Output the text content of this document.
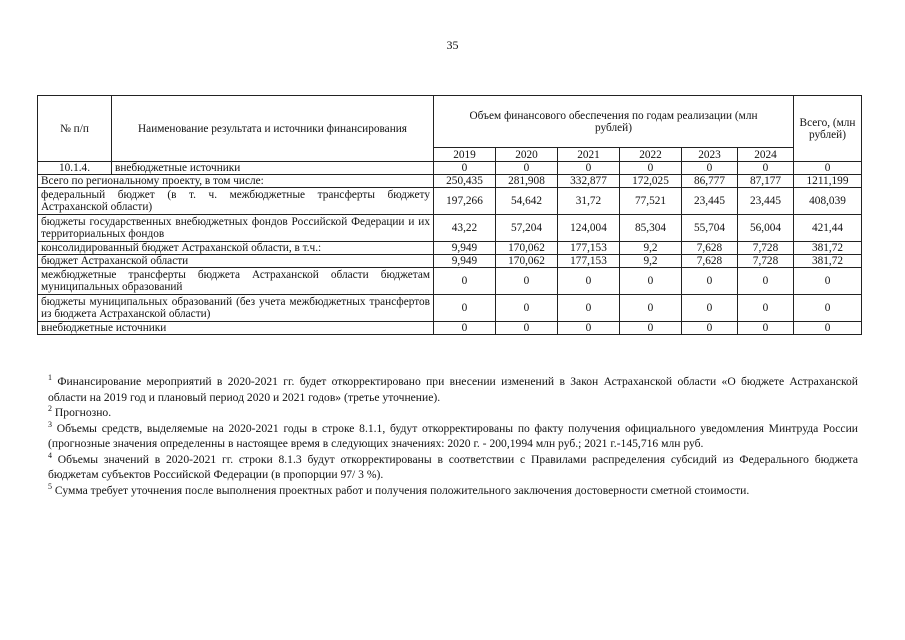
35
№ п/п	Наименование результата и источники финансирования	Объем финансового обеспечения по годам реализации (млн рублей)						Всего, (млн рублей)
		2019	2020	2021	2022	2023	2024	
10.1.4.	внебюджетные источники	0	0	0	0	0	0	0
Всего по региональному проекту, в том числе:		250,435	281,908	332,877	172,025	86,777	87,177	1211,199
федеральный бюджет (в т. ч. межбюджетные трансферты бюджету Астраханской области)		197,266	54,642	31,72	77,521	23,445	23,445	408,039
бюджеты государственных внебюджетных фондов Российской Федерации и их территориальных фондов		43,22	57,204	124,004	85,304	55,704	56,004	421,44
консолидированный бюджет Астраханской области, в т.ч.:		9,949	170,062	177,153	9,2	7,628	7,728	381,72
бюджет Астраханской области		9,949	170,062	177,153	9,2	7,628	7,728	381,72
межбюджетные трансферты бюджета Астраханской области бюджетам муниципальных образований		0	0	0	0	0	0	0
бюджеты муниципальных образований (без учета межбюджетных трансфертов из бюджета Астраханской области)		0	0	0	0	0	0	0
внебюджетные источники		0	0	0	0	0	0	0

$^1$ Финансирование мероприятий в 2020-2021 гг. будет откорректировано при внесении изменений в Закон Астраханской области «О бюджете Астраханской области на 2019 год и плановый период 2020 и 2021 годов» (третье уточнение).

$^2$ Прогнозно.

$^3$ Объемы средств, выделяемые на 2020-2021 годы в строке 8.1.1, будут откорректированы по факту получения официального уведомления Минтруда России (прогнозные значения определенны в настоящее время в следующих значениях: 2020 г. - 200,1994 млн руб.; 2021 г.-145,716 млн руб.

$^4$ Объемы значений в 2020-2021 гг. строки 8.1.3 будут откорректированы в соответствии с Правилами распределения субсидий из Федерального бюджета бюджетам субъектов Российской Федерации (в пропорции 97/ 3 %).

$^5$ Сумма требует уточнения после выполнения проектных работ и получения положительного заключения достоверности сметной стоимости.
